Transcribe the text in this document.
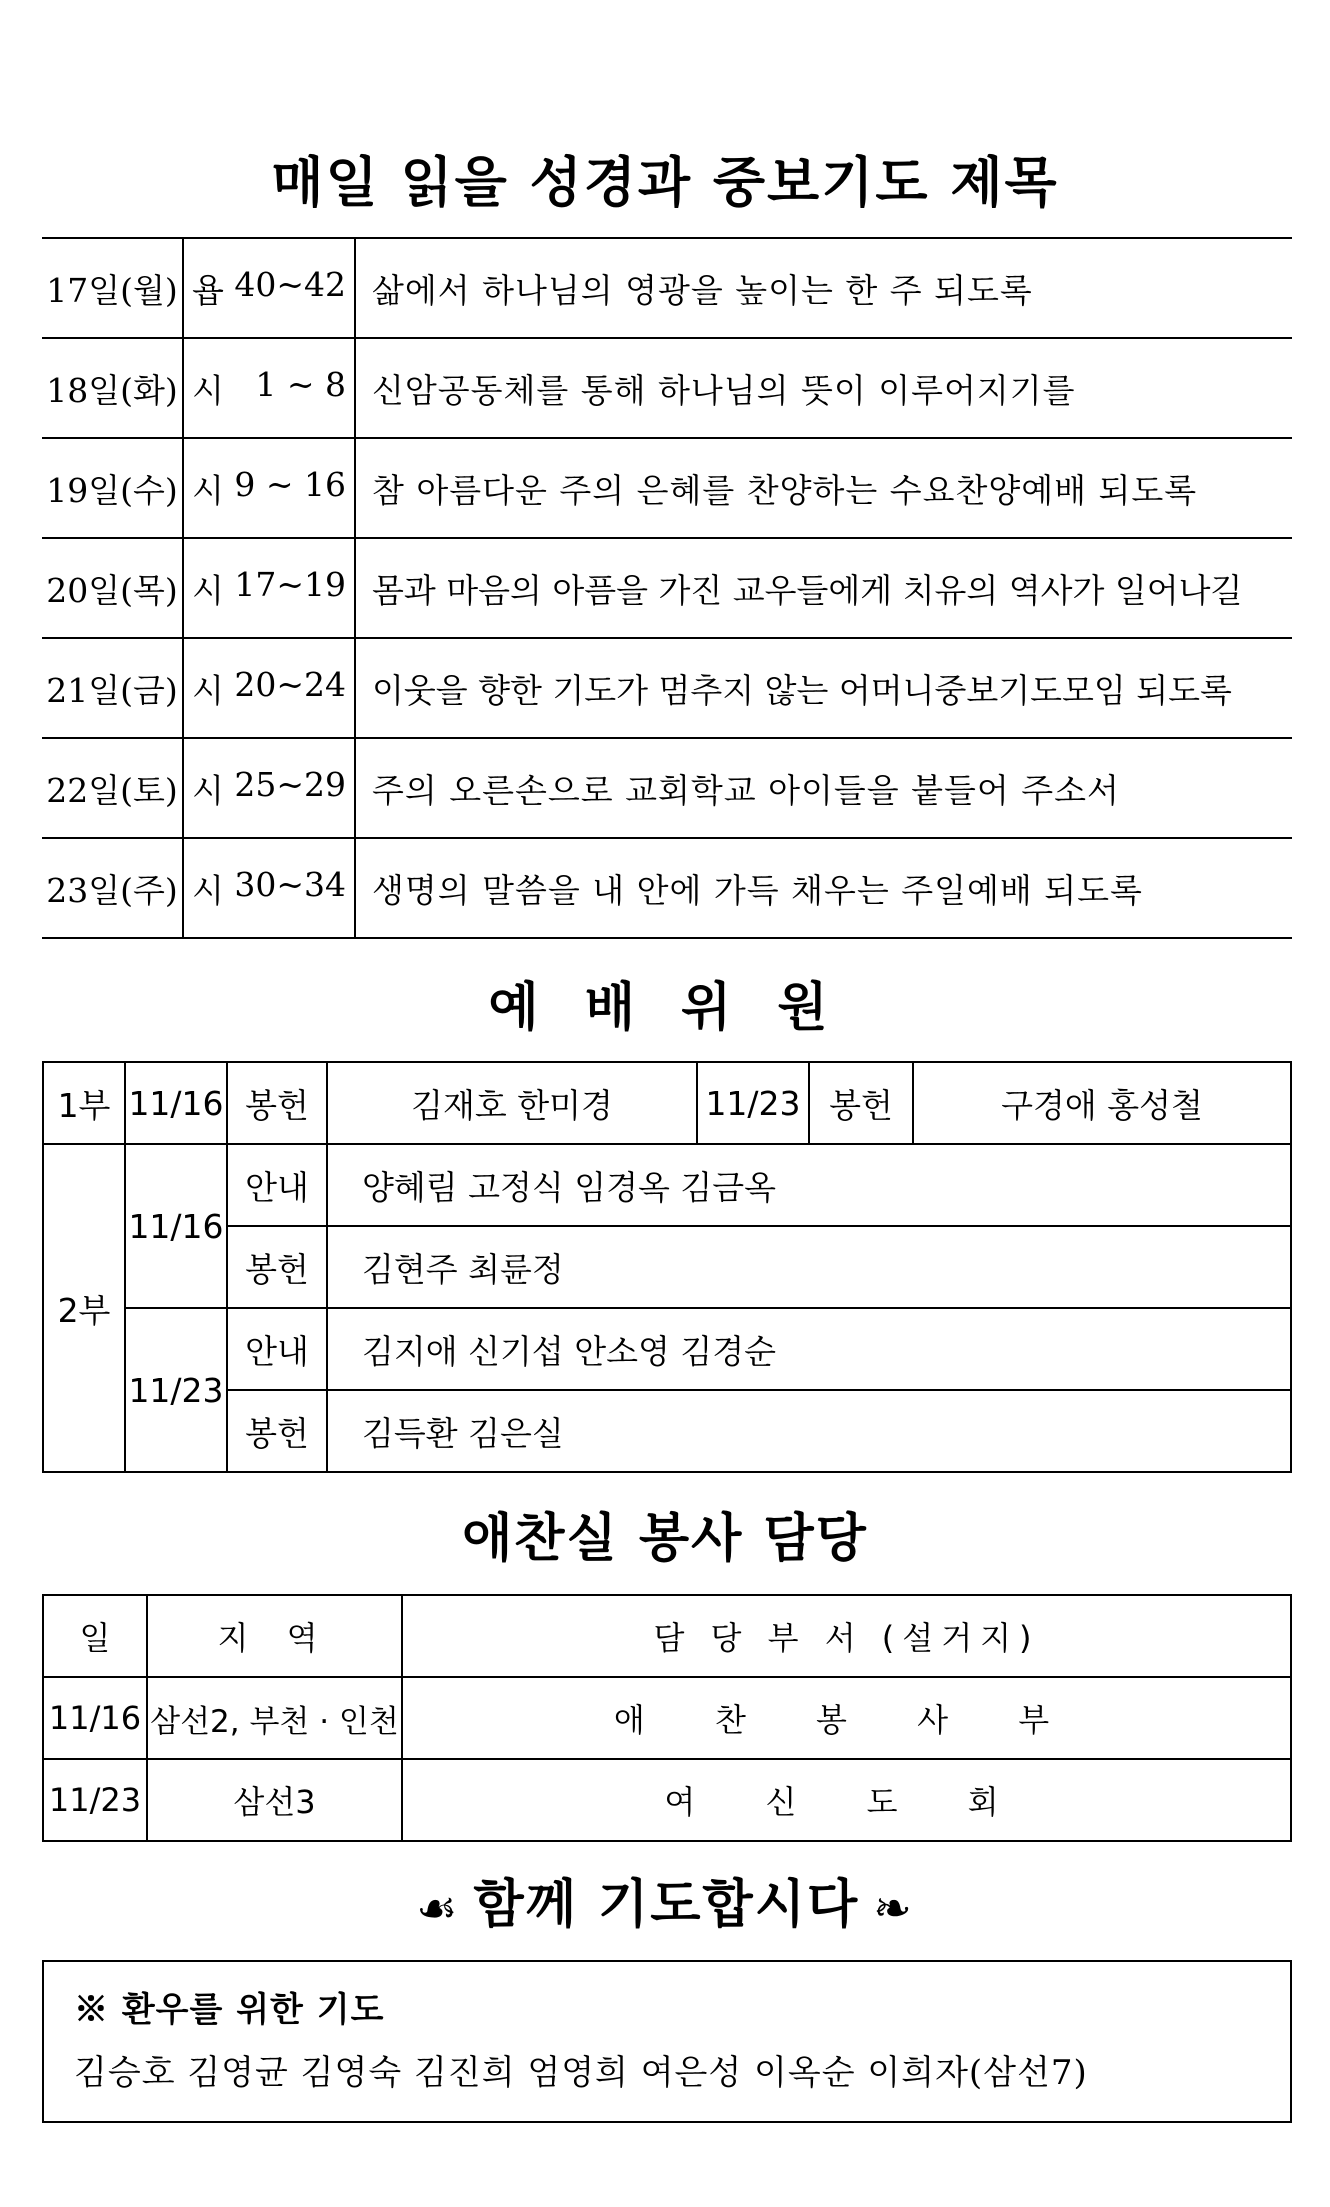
매일 읽을 성경과 중보기도 제목
17일(월)	욥 40~42	삶에서 하나님의 영광을 높이는 한 주 되도록
18일(화)	시 1 ~ 8	신암공동체를 통해 하나님의 뜻이 이루어지기를
19일(수)	시 9 ~ 16	참 아름다운 주의 은혜를 찬양하는 수요찬양예배 되도록
20일(목)	시 17~19	몸과 마음의 아픔을 가진 교우들에게 치유의 역사가 일어나길
21일(금)	시 20~24	이웃을 향한 기도가 멈추지 않는 어머니중보기도모임 되도록
22일(토)	시 25~29	주의 오른손으로 교회학교 아이들을 붙들어 주소서
23일(주)	시 30~34	생명의 말씀을 내 안에 가득 채우는 주일예배 되도록
예 배 위 원
1부	11/16	봉헌	김재호 한미경	11/23	봉헌	구경애 홍성철
2부	11/16	안내	양혜림 고정식 임경옥 김금옥			
		봉헌	김현주 최륜정			
	11/23	안내	김지애 신기섭 안소영 김경순			
		봉헌	김득환 김은실			
애찬실 봉사 담당
일	지 역	담 당 부 서 (설거지)
11/16	삼선2, 부천 · 인천	애 찬 봉 사 부
11/23	삼선3	여 신 도 회
☙ 함께 기도합시다 ❧
※ 환우를 위한 기도
김승호 김영균 김영숙 김진희 엄영희 여은성 이옥순 이희자(삼선7)
